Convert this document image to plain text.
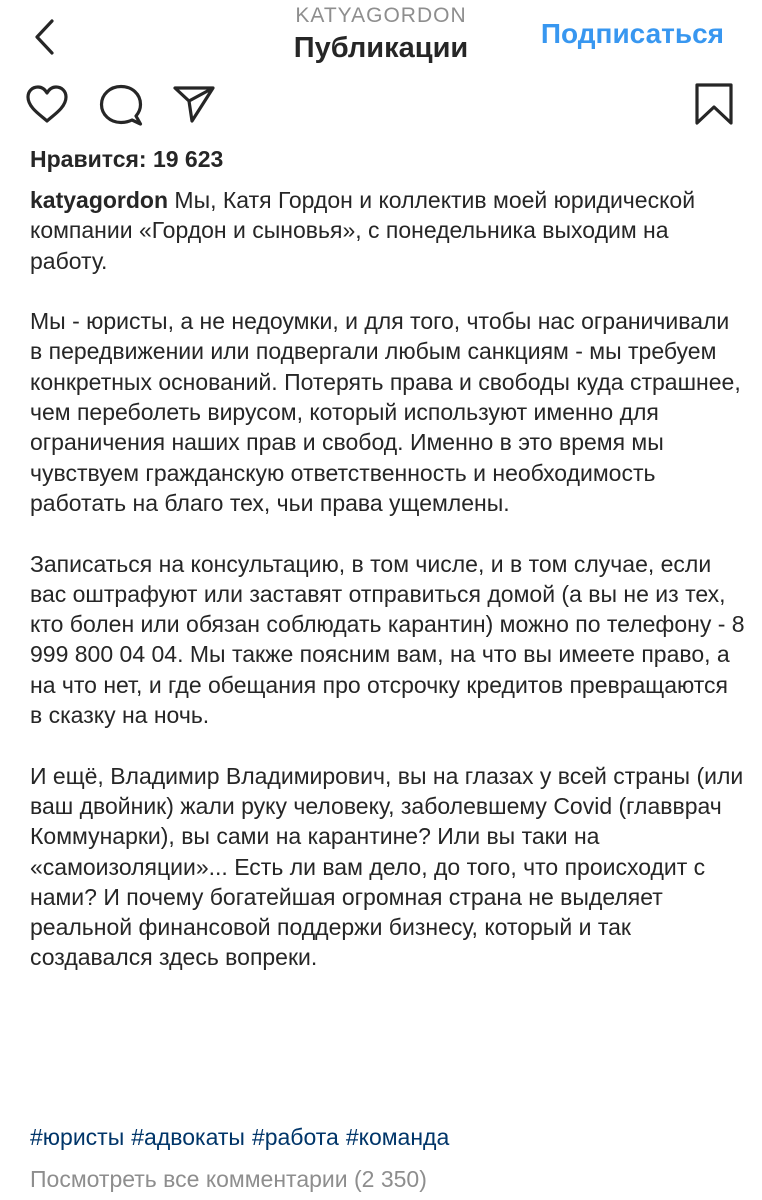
KATYAGORDON
Публикации	Подписаться
Нравится: 19 623

katyagordon Мы, Катя Гордон и коллектив моей юридической компании «Гордон и сыновья», с понедельника выходим на работу.

Мы - юристы, а не недоумки, и для того, чтобы нас ограничивали в передвижении или подвергали любым санкциям - мы требуем конкретных оснований. Потерять права и свободы куда страшнее, чем переболеть вирусом, который используют именно для ограничения наших прав и свобод. Именно в это время мы чувствуем гражданскую ответственность и необходимость работать на благо тех, чьи права ущемлены.

Записаться на консультацию, в том числе, и в том случае, если вас оштрафуют или заставят отправиться домой (а вы не из тех, кто болен или обязан соблюдать карантин) можно по телефону - 8 999 800 04 04. Мы также поясним вам, на что вы имеете право, а на что нет, и где обещания про отсрочку кредитов превращаются в сказку на ночь.

И ещё, Владимир Владимирович, вы на глазах у всей страны (или ваш двойник) жали руку человеку, заболевшему Covid (главврач Коммунарки), вы сами на карантине? Или вы таки на «самоизоляции»... Есть ли вам дело, до того, что происходит с нами? И почему богатейшая огромная страна не выделяет реальной финансовой поддержи бизнесу, который и так создавался здесь вопреки.

#юристы #адвокаты #работа #команда
Посмотреть все комментарии (2 350)
